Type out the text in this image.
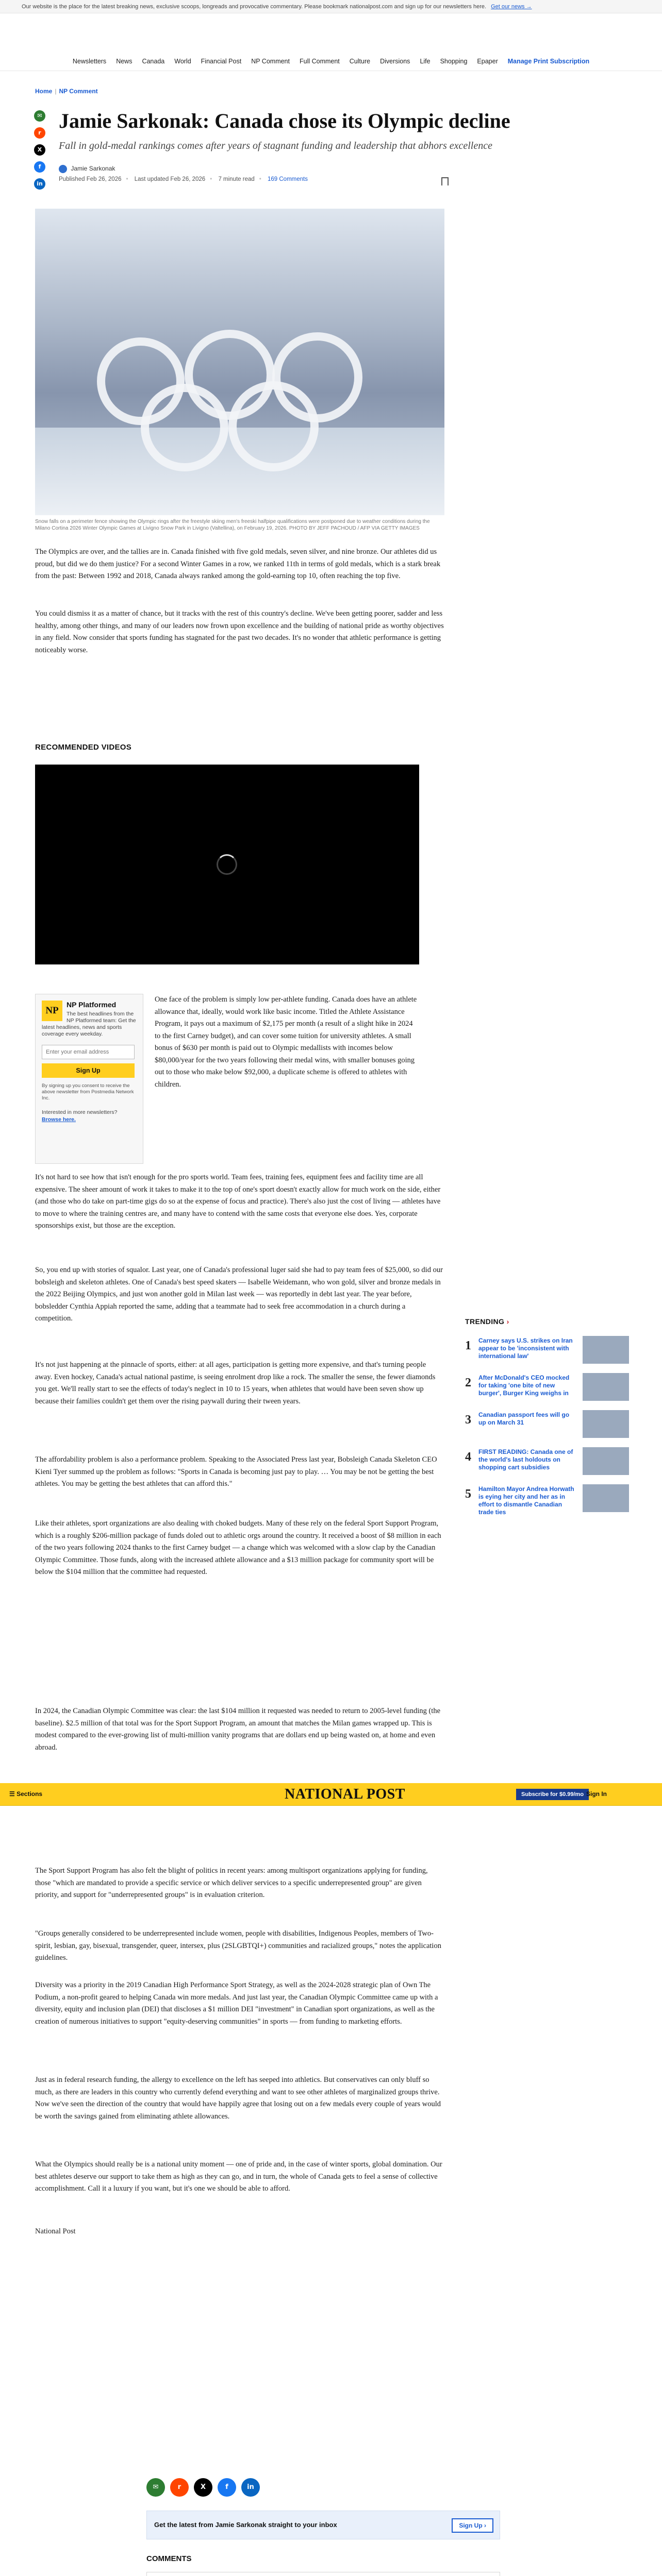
Our website is the place for the latest breaking news, exclusive scoops, longreads and provocative commentary. Please bookmark nationalpost.com and sign up for our newsletters here. Get our news →
Newsletters News Canada World Financial Post NP Comment Full Comment Culture Diversions Life Shopping Epaper Manage Print Subscription
Home | NP Comment
✉
r
X
f
in
Jamie Sarkonak: Canada chose its Olympic decline

Fall in gold-medal rankings comes after years of stagnant funding and leadership that abhors excellence

Jamie Sarkonak
Published Feb 26, 2026 • Last updated Feb 26, 2026 • 7 minute read • 169 Comments

Snow falls on a perimeter fence showing the Olympic rings after the freestyle skiing men's freeski halfpipe qualifications were postponed due to weather conditions during the Milano Cortina 2026 Winter Olympic Games at Livigno Snow Park in Livigno (Valtellina), on February 19, 2026. PHOTO BY JEFF PACHOUD / AFP VIA GETTY IMAGES

The Olympics are over, and the tallies are in. Canada finished with five gold medals, seven silver, and nine bronze. Our athletes did us proud, but did we do them justice? For a second Winter Games in a row, we ranked 11th in terms of gold medals, which is a stark break from the past: Between 1992 and 2018, Canada always ranked among the gold-earning top 10, often reaching the top five.

You could dismiss it as a matter of chance, but it tracks with the rest of this country's decline. We've been getting poorer, sadder and less healthy, among other things, and many of our leaders now frown upon excellence and the building of national pride as worthy objectives in any field. Now consider that sports funding has stagnated for the past two decades. It's no wonder that athletic performance is getting noticeably worse.

RECOMMENDED VIDEOS
NP
NP Platformed
The best headlines from the NP Platformed team: Get the latest headlines, news and sports coverage every weekday.
Enter your email address
Sign Up

By signing up you consent to receive the above newsletter from Postmedia Network Inc.

Interested in more newsletters? Browse here.

One face of the problem is simply low per-athlete funding. Canada does have an athlete allowance that, ideally, would work like basic income. Titled the Athlete Assistance Program, it pays out a maximum of $2,175 per month (a result of a slight hike in 2024 to the first Carney budget), and can cover some tuition for university athletes. A small bonus of $630 per month is paid out to Olympic medallists with incomes below $80,000/year for the two years following their medal wins, with smaller bonuses going out to those who make below $92,000, a duplicate scheme is offered to athletes with children.

It's not hard to see how that isn't enough for the pro sports world. Team fees, training fees, equipment fees and facility time are all expensive. The sheer amount of work it takes to make it to the top of one's sport doesn't exactly allow for much work on the side, either (and those who do take on part-time gigs do so at the expense of focus and practice). There's also just the cost of living — athletes have to move to where the training centres are, and many have to contend with the same costs that everyone else does. Yes, corporate sponsorships exist, but those are the exception.

So, you end up with stories of squalor. Last year, one of Canada's professional luger said she had to pay team fees of $25,000, so did our bobsleigh and skeleton athletes. One of Canada's best speed skaters — Isabelle Weidemann, who won gold, silver and bronze medals in the 2022 Beijing Olympics, and just won another gold in Milan last week — was reportedly in debt last year. The year before, bobsledder Cynthia Appiah reported the same, adding that a teammate had to seek free accommodation in a church during a competition.

It's not just happening at the pinnacle of sports, either: at all ages, participation is getting more expensive, and that's turning people away. Even hockey, Canada's actual national pastime, is seeing enrolment drop like a rock. The smaller the sense, the fewer diamonds you get. We'll really start to see the effects of today's neglect in 10 to 15 years, when athletes that would have been seven show up because their families couldn't get them over the rising paywall during their tween years.

The affordability problem is also a performance problem. Speaking to the Associated Press last year, Bobsleigh Canada Skeleton CEO Kieni Tyer summed up the problem as follows: "Sports in Canada is becoming just pay to play. … You may be not be getting the best athletes. You may be getting the best athletes that can afford this."

Like their athletes, sport organizations are also dealing with choked budgets. Many of these rely on the federal Sport Support Program, which is a roughly $206-million package of funds doled out to athletic orgs around the country. It received a boost of $8 million in each of the two years following 2024 thanks to the first Carney budget — a change which was welcomed with a slow clap by the Canadian Olympic Committee. Those funds, along with the increased athlete allowance and a $13 million package for community sport will be below the $104 million that the committee had requested.

In 2024, the Canadian Olympic Committee was clear: the last $104 million it requested was needed to return to 2005-level funding (the baseline). $2.5 million of that total was for the Sport Support Program, an amount that matches the Milan games wrapped up. This is modest compared to the ever-growing list of multi-million vanity programs that are dollars end up being wasted on, at home and even abroad.

TRENDING ›
1 Carney says U.S. strikes on Iran appear to be 'inconsistent with international law'
2 After McDonald's CEO mocked for taking 'one bite of new burger', Burger King weighs in
3 Canadian passport fees will go up on March 31
4 FIRST READING: Canada one of the world's last holdouts on shopping cart subsidies
5 Hamilton Mayor Andrea Horwath is eying her city and her as in effort to dismantle Canadian trade ties
☰ Sections	NATIONAL POST	Subscribe for $0.99/mo Sign In

The Sport Support Program has also felt the blight of politics in recent years: among multisport organizations applying for funding, those "which are mandated to provide a specific service or which deliver services to a specific underrepresented group" are given priority, and support for "underrepresented groups" is in evaluation criterion.

"Groups generally considered to be underrepresented include women, people with disabilities, Indigenous Peoples, members of Two-spirit, lesbian, gay, bisexual, transgender, queer, intersex, plus (2SLGBTQI+) communities and racialized groups," notes the application guidelines.

Diversity was a priority in the 2019 Canadian High Performance Sport Strategy, as well as the 2024-2028 strategic plan of Own The Podium, a non-profit geared to helping Canada win more medals. And just last year, the Canadian Olympic Committee came up with a diversity, equity and inclusion plan (DEI) that discloses a $1 million DEI "investment" in Canadian sport organizations, as well as the creation of numerous initiatives to support "equity-deserving communities" in sports — from funding to marketing efforts.

Just as in federal research funding, the allergy to excellence on the left has seeped into athletics. But conservatives can only bluff so much, as there are leaders in this country who currently defend everything and want to see other athletes of marginalized groups thrive. Now we've seen the direction of the country that would have happily agree that losing out on a few medals every couple of years would be worth the savings gained from eliminating athlete allowances.

What the Olympics should really be is a national unity moment — one of pride and, in the case of winter sports, global domination. Our best athletes deserve our support to take them as high as they can go, and in turn, the whole of Canada gets to feel a sense of collective accomplishment. Call it a luxury if you want, but it's one we should be able to afford.

National Post

✉	r	X	f	in
Get the latest from Jamie Sarkonak straight to your inbox	Sign Up ›
COMMENTS
